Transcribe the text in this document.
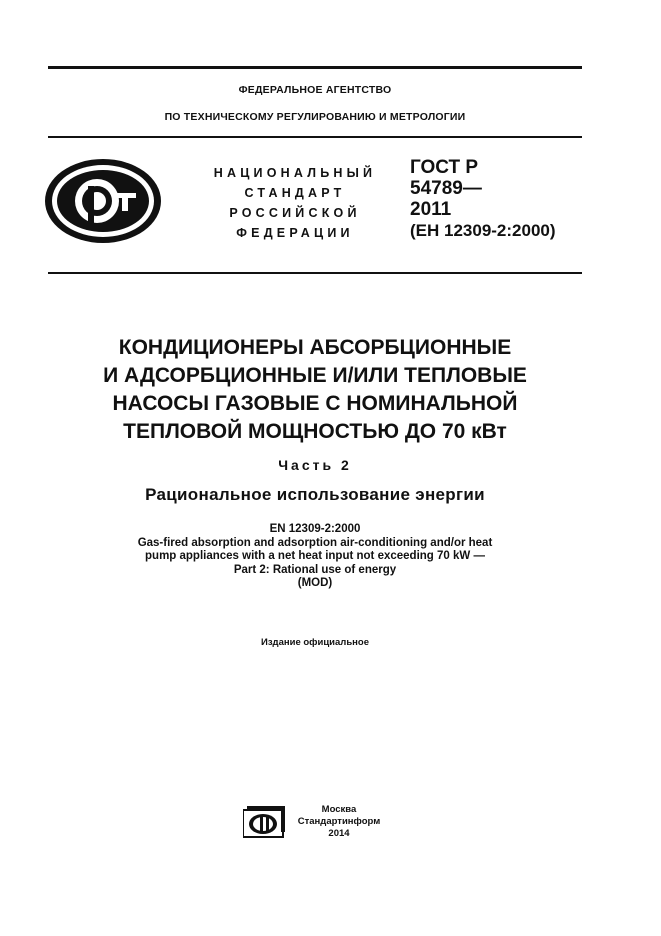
ФЕДЕРАЛЬНОЕ АГЕНТСТВО
ПО ТЕХНИЧЕСКОМУ РЕГУЛИРОВАНИЮ И МЕТРОЛОГИИ
НАЦИОНАЛЬНЫЙ
СТАНДАРТ
РОССИЙСКОЙ
ФЕДЕРАЦИИ
ГОСТ Р
54789—
2011
(ЕН 12309-2:2000)
КОНДИЦИОНЕРЫ АБСОРБЦИОННЫЕ
И АДСОРБЦИОННЫЕ И/ИЛИ ТЕПЛОВЫЕ
НАСОСЫ ГАЗОВЫЕ С НОМИНАЛЬНОЙ
ТЕПЛОВОЙ МОЩНОСТЬЮ ДО 70 кВт
Часть 2
Рациональное использование энергии
EN 12309-2:2000
Gas-fired absorption and adsorption air-conditioning and/or heat
pump appliances with a net heat input not exceeding 70 kW —
Part 2: Rational use of energy
(MOD)
Издание официальное
Москва
Стандартинформ
2014
